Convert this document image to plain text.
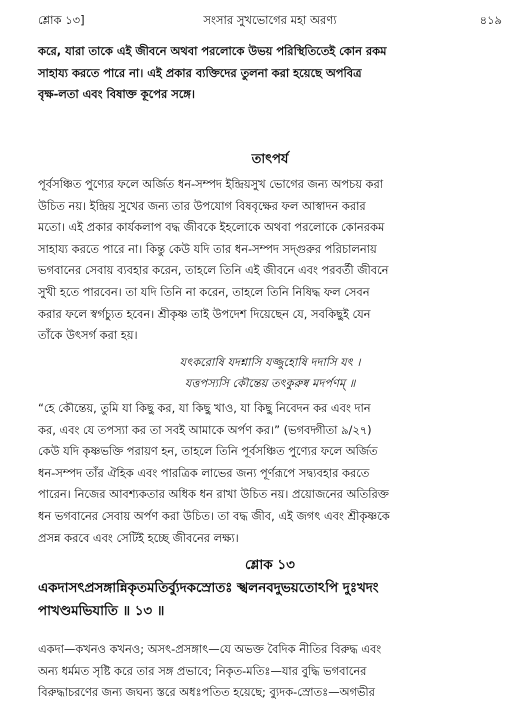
শ্লোক ১৩]	সংসার সুখভোগের মহা অরণ্য	৪১৯
করে, যারা তাকে এই জীবনে অথবা পরলোকে উভয় পরিস্থিতিতেই কোন রকম
সাহায্য করতে পারে না। এই প্রকার ব্যক্তিদের তুলনা করা হয়েছে অপবিত্র
বৃক্ষ-লতা এবং বিষাক্ত কূপের সঙ্গে।
তাৎপর্য
পূর্বসঞ্চিত পুণ্যের ফলে অর্জিত ধন-সম্পদ ইন্দ্রিয়সুখ ভোগের জন্য অপচয় করা
উচিত নয়। ইন্দ্রিয় সুখের জন্য তার উপযোগ বিষবৃক্ষের ফল আস্বাদন করার
মতো। এই প্রকার কার্যকলাপ বদ্ধ জীবকে ইহলোকে অথবা পরলোকে কোনরকম
সাহায্য করতে পারে না। কিন্তু কেউ যদি তার ধন-সম্পদ সদ্গুরুর পরিচালনায়
ভগবানের সেবায় ব্যবহার করেন, তাহলে তিনি এই জীবনে এবং পরবর্তী জীবনে
সুখী হতে পারবেন। তা যদি তিনি না করেন, তাহলে তিনি নিষিদ্ধ ফল সেবন
করার ফলে স্বর্গচ্যুত হবেন। শ্রীকৃষ্ণ তাই উপদেশ দিয়েছেন যে, সবকিছুই যেন
তাঁকে উৎসর্গ করা হয়।
যৎকরোষি যদশ্নাসি যজ্জুহোষি দদাসি যৎ ।
যত্তপস্যসি কৌন্তেয় তৎকুরুষ্ব মদর্পণম্ ॥
“হে কৌন্তেয়, তুমি যা কিছু কর, যা কিছু খাও, যা কিছু নিবেদন কর এবং দান
কর, এবং যে তপস্যা কর তা সবই আমাকে অর্পণ কর।” (ভগবদ্গীতা ৯/২৭)
কেউ যদি কৃষ্ণভক্তি পরায়ণ হন, তাহলে তিনি পূর্বসঞ্চিত পুণ্যের ফলে অর্জিত
ধন-সম্পদ তাঁর ঐহিক এবং পারত্রিক লাভের জন্য পূর্ণরূপে সদ্ব্যবহার করতে
পারেন। নিজের আবশ্যকতার অধিক ধন রাখা উচিত নয়। প্রয়োজনের অতিরিক্ত
ধন ভগবানের সেবায় অর্পণ করা উচিত। তা বদ্ধ জীব, এই জগৎ এবং শ্রীকৃষ্ণকে
প্রসন্ন করবে এবং সেটিই হচ্ছে জীবনের লক্ষ্য।
শ্লোক ১৩
একদাসৎপ্রসঙ্গান্নিকৃতমতির্ব্যুদকস্রোতঃ স্খলনবদুভয়তোঽপি দুঃখদং
পাখণ্ডমভিযাতি ॥ ১৩ ॥
একদা—কখনও কখনও; অসৎ-প্রসঙ্গাৎ—যে অভক্ত বৈদিক নীতির বিরুদ্ধ এবং
অন্য ধর্মমত সৃষ্টি করে তার সঙ্গ প্রভাবে; নিকৃত-মতিঃ—যার বুদ্ধি ভগবানের
বিরুদ্ধাচরণের জন্য জঘন্য স্তরে অধঃপতিত হয়েছে; ব্যুদক-স্রোতঃ—অগভীর
